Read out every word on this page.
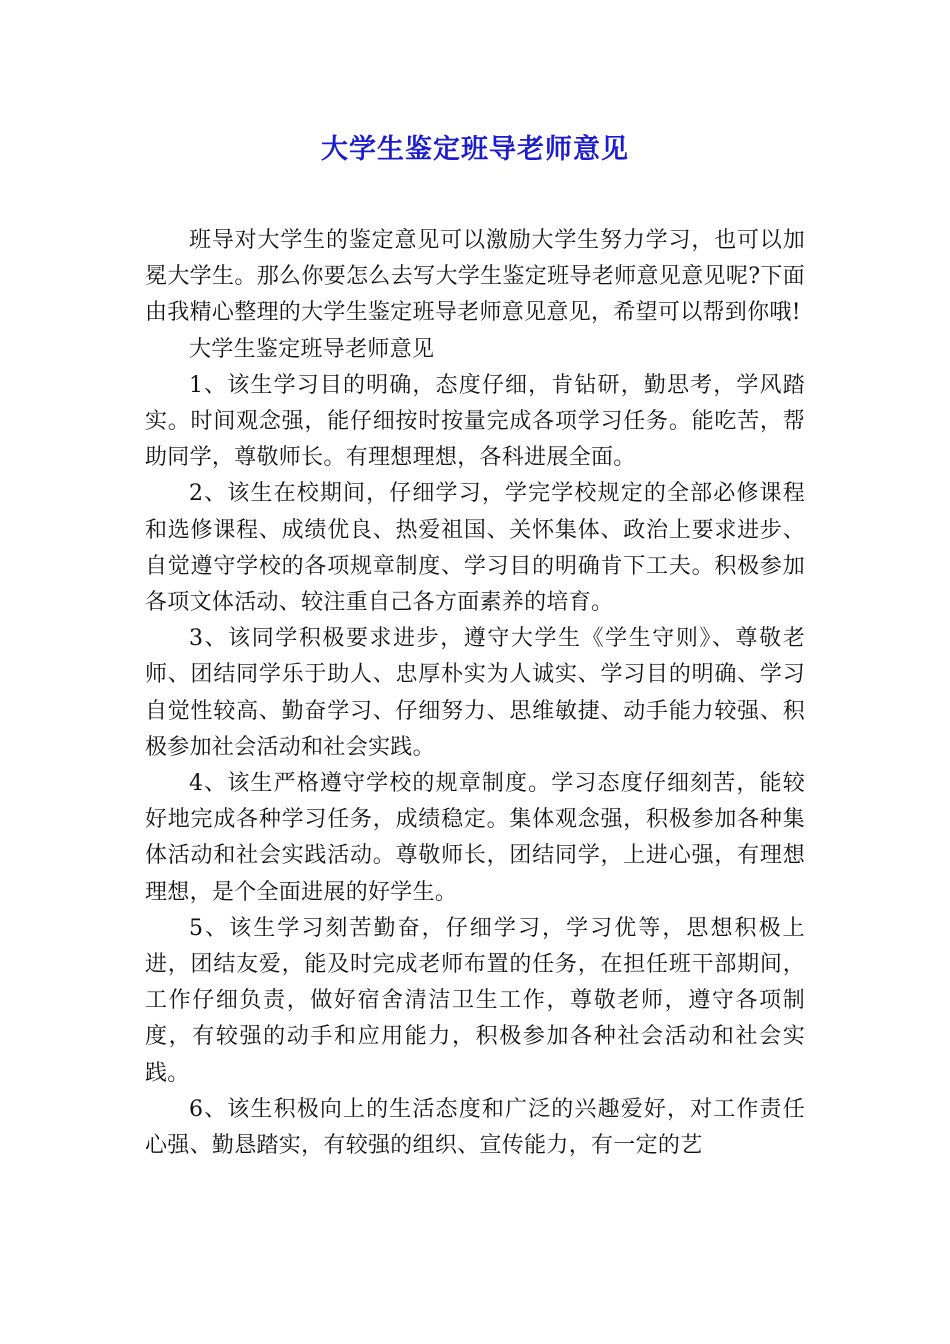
大学生鉴定班导老师意见

班导对大学生的鉴定意见可以激励大学生努力学习，也可以加冕大学生。那么你要怎么去写大学生鉴定班导老师意见意见呢?下面由我精心整理的大学生鉴定班导老师意见意见，希望可以帮到你哦!

大学生鉴定班导老师意见

1、该生学习目的明确，态度仔细，肯钻研，勤思考，学风踏实。时间观念强，能仔细按时按量完成各项学习任务。能吃苦，帮助同学，尊敬师长。有理想理想，各科进展全面。

2、该生在校期间，仔细学习，学完学校规定的全部必修课程和选修课程、成绩优良、热爱祖国、关怀集体、政治上要求进步、自觉遵守学校的各项规章制度、学习目的明确肯下工夫。积极参加各项文体活动、较注重自己各方面素养的培育。

3、该同学积极要求进步，遵守大学生《学生守则》、尊敬老师、团结同学乐于助人、忠厚朴实为人诚实、学习目的明确、学习自觉性较高、勤奋学习、仔细努力、思维敏捷、动手能力较强、积极参加社会活动和社会实践。

4、该生严格遵守学校的规章制度。学习态度仔细刻苦，能较好地完成各种学习任务，成绩稳定。集体观念强，积极参加各种集体活动和社会实践活动。尊敬师长，团结同学，上进心强，有理想理想，是个全面进展的好学生。

5、该生学习刻苦勤奋，仔细学习，学习优等，思想积极上进，团结友爱，能及时完成老师布置的任务，在担任班干部期间，工作仔细负责，做好宿舍清洁卫生工作，尊敬老师，遵守各项制度，有较强的动手和应用能力，积极参加各种社会活动和社会实践。

6、该生积极向上的生活态度和广泛的兴趣爱好，对工作责任心强、勤恳踏实，有较强的组织、宣传能力，有一定的艺
